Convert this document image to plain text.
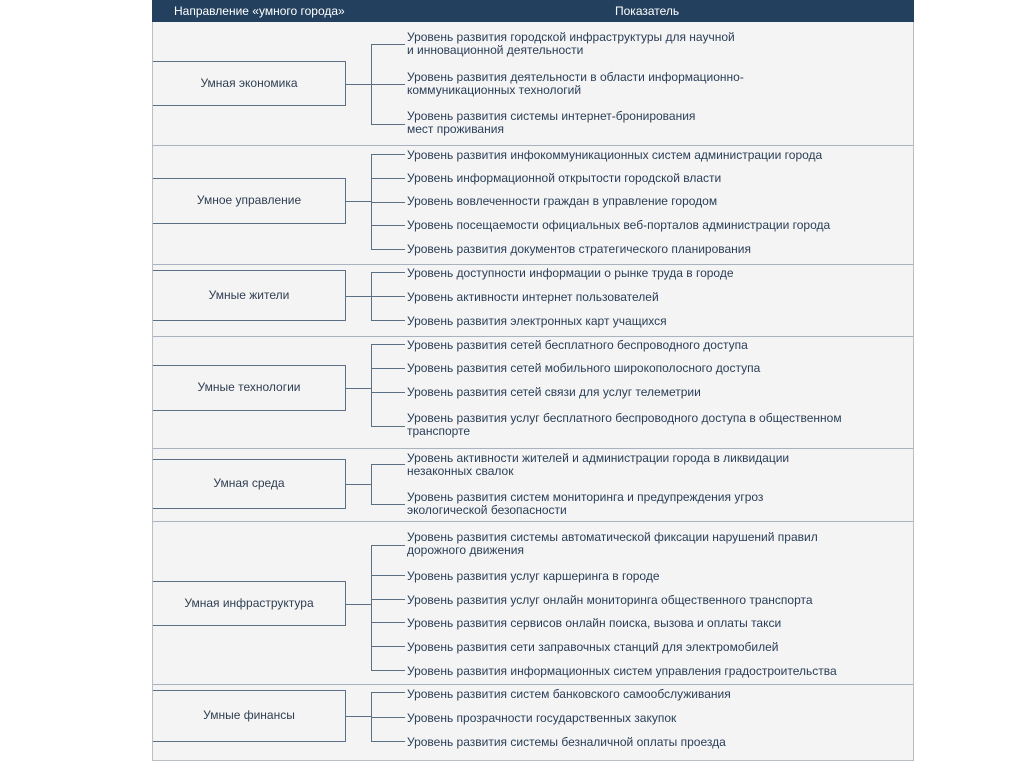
Направление «умного города»	Показатель
Умная экономика
Уровень развития городской инфраструктуры для научной
и инновационной деятельности
Уровень развития деятельности в области информационно-
коммуникационных технологий
Уровень развития системы интернет-бронирования
мест проживания
Умное управление
Уровень развития инфокоммуникационных систем администрации города
Уровень информационной открытости городской власти
Уровень вовлеченности граждан в управление городом
Уровень посещаемости официальных веб-порталов администрации города
Уровень развития документов стратегического планирования
Умные жители
Уровень доступности информации о рынке труда в городе
Уровень активности интернет пользователей
Уровень развития электронных карт учащихся
Умные технологии
Уровень развития сетей бесплатного беспроводного доступа
Уровень развития сетей мобильного широкополосного доступа
Уровень развития сетей связи для услуг телеметрии
Уровень развития услуг бесплатного беспроводного доступа в общественном
транспорте
Умная среда
Уровень активности жителей и администрации города в ликвидации
незаконных свалок
Уровень развития систем мониторинга и предупреждения угроз
экологической безопасности
Умная инфраструктура
Уровень развития системы автоматической фиксации нарушений правил
дорожного движения
Уровень развития услуг каршеринга в городе
Уровень развития услуг онлайн мониторинга общественного транспорта
Уровень развития сервисов онлайн поиска, вызова и оплаты такси
Уровень развития сети заправочных станций для электромобилей
Уровень развития информационных систем управления градостроительства
Умные финансы
Уровень развития систем банковского самообслуживания
Уровень прозрачности государственных закупок
Уровень развития системы безналичной оплаты проезда
